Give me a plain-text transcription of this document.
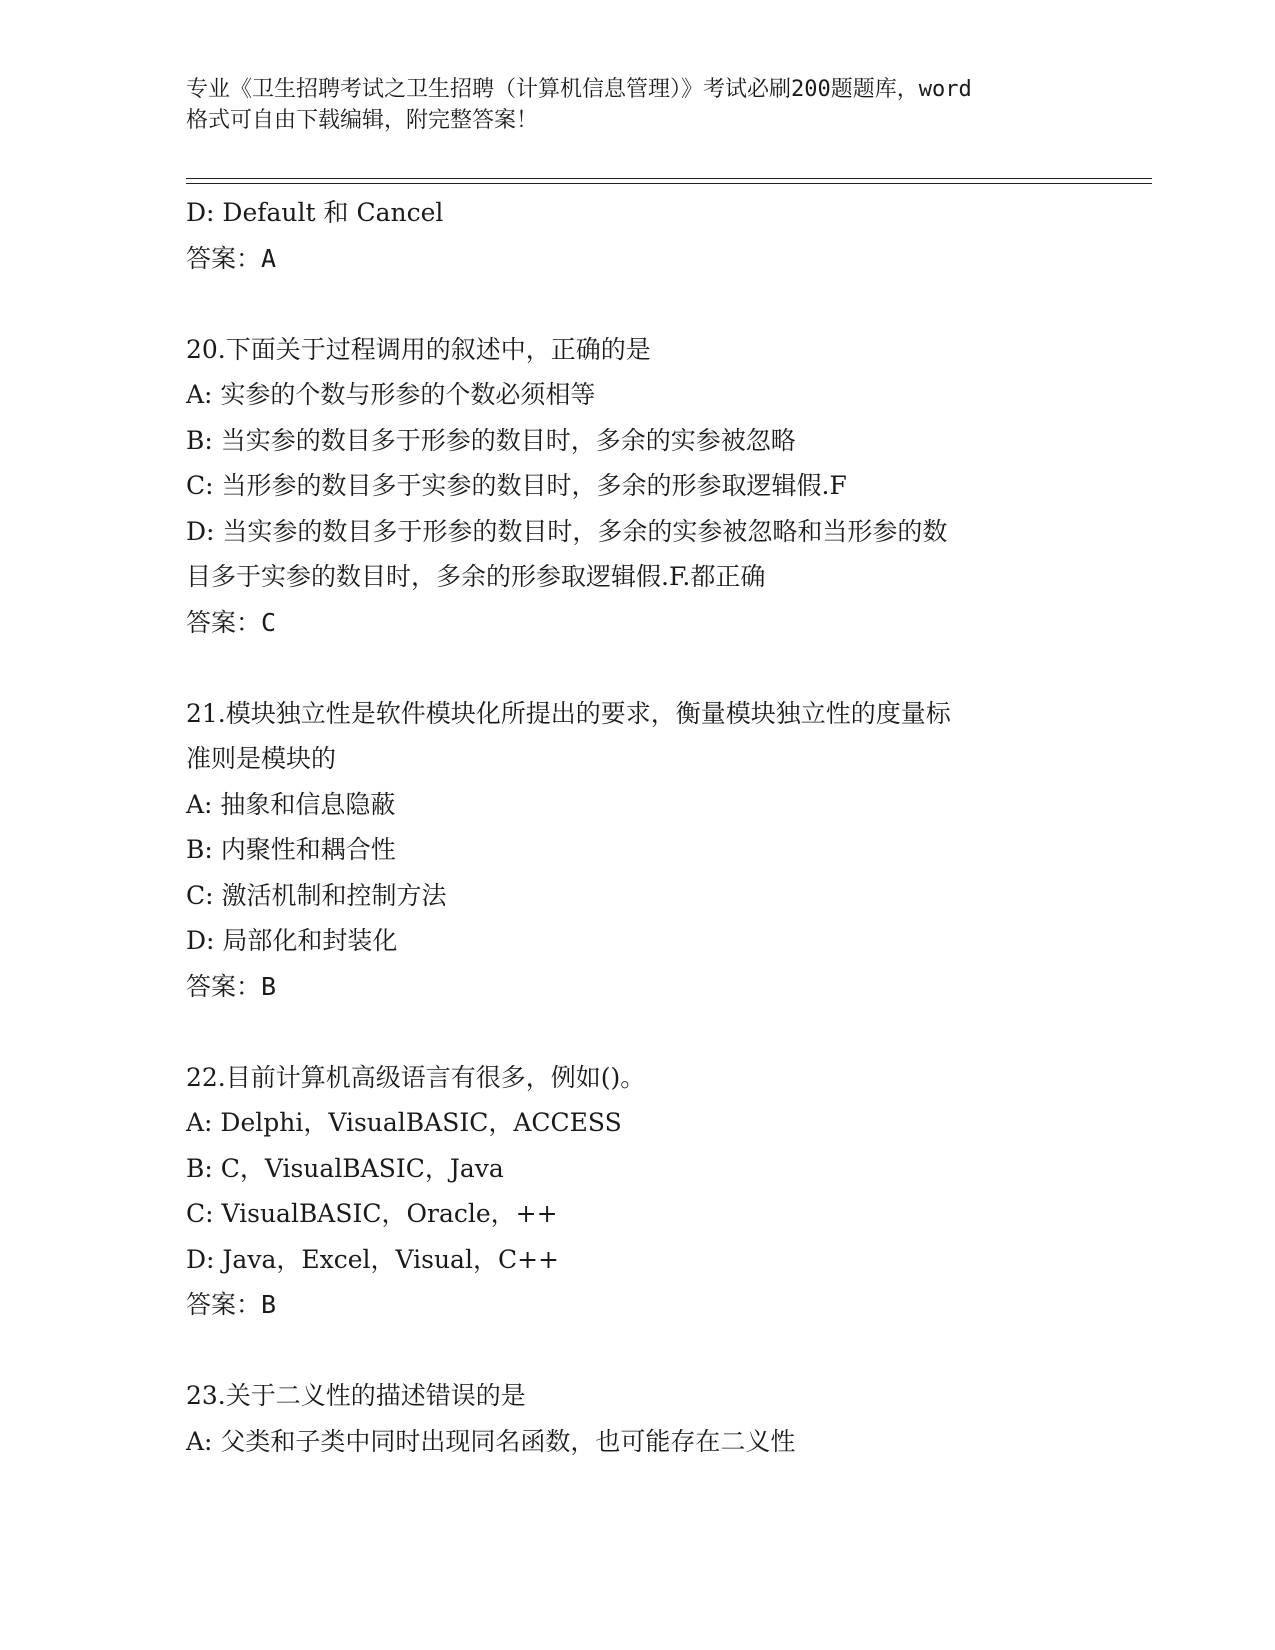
专业《卫生招聘考试之卫生招聘（计算机信息管理）》考试必刷200题题库，word
格式可自由下载编辑，附完整答案！
D: Default 和 Cancel
答案：A
20.下面关于过程调用的叙述中，正确的是
A: 实参的个数与形参的个数必须相等
B: 当实参的数目多于形参的数目时，多余的实参被忽略
C: 当形参的数目多于实参的数目时，多余的形参取逻辑假.F
D: 当实参的数目多于形参的数目时，多余的实参被忽略和当形参的数
目多于实参的数目时，多余的形参取逻辑假.F.都正确
答案：C
21.模块独立性是软件模块化所提出的要求，衡量模块独立性的度量标
准则是模块的
A: 抽象和信息隐蔽
B: 内聚性和耦合性
C: 激活机制和控制方法
D: 局部化和封装化
答案：B
22.目前计算机高级语言有很多，例如()。
A: Delphi，VisualBASIC，ACCESS
B: C，VisualBASIC，Java
C: VisualBASIC，Oracle，++
D: Java，Excel，Visual，C++
答案：B
23.关于二义性的描述错误的是
A: 父类和子类中同时出现同名函数，也可能存在二义性
